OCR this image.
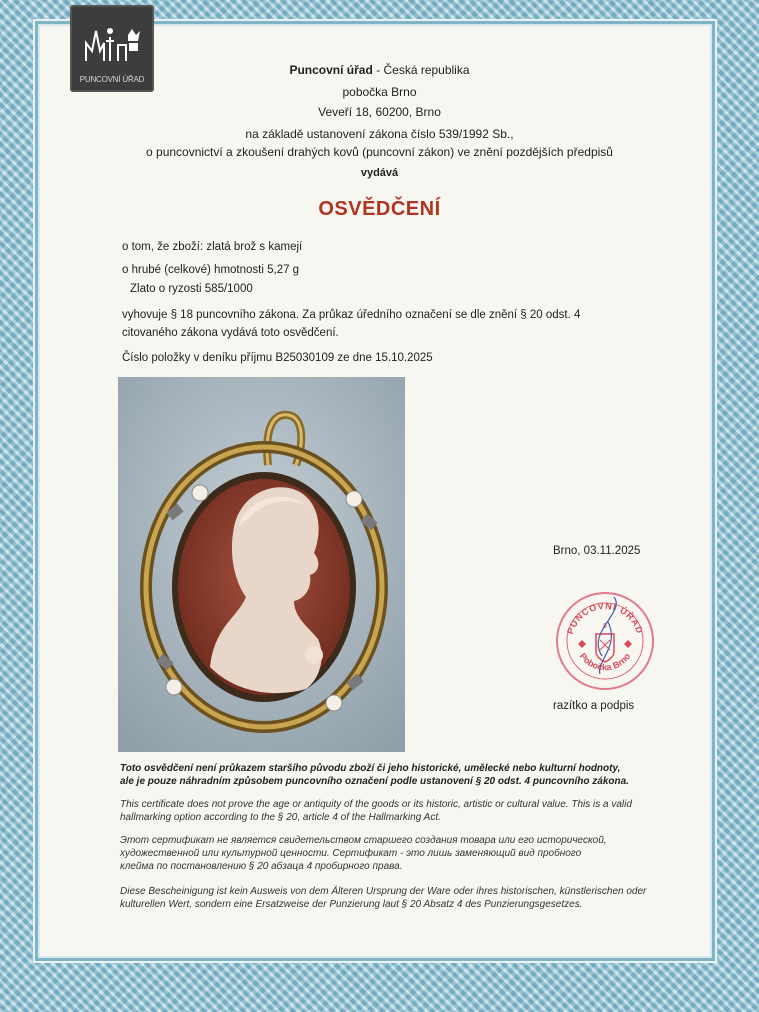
PUNCOVNÍ ÚŘAD
Puncovní úřad - Česká republika
pobočka Brno
Veveří 18, 60200, Brno
na základě ustanovení zákona číslo 539/1992 Sb.,
o puncovnictví a zkoušení drahých kovů (puncovní zákon) ve znění pozdějších předpisů
vydává
OSVĚDČENÍ
o tom, že zboží: zlatá brož s kamejí
o hrubé (celkové) hmotnosti 5,27 g
Zlato o ryzosti 585/1000
vyhovuje § 18 puncovního zákona. Za průkaz úředního označení se dle znění § 20 odst. 4
citovaného zákona vydává toto osvědčení.
Číslo položky v deníku příjmu B25030109 ze dne 15.10.2025
Brno, 03.11.2025
PUNCOVNÍ ÚŘAD
Pobočka Brno
8
razítko a podpis
Toto osvědčení není průkazem staršího původu zboží či jeho historické, umělecké nebo kulturní hodnoty,
ale je pouze náhradním způsobem puncovního označení podle ustanovení § 20 odst. 4 puncovního zákona.
This certificate does not prove the age or antiquity of the goods or its historic, artistic or cultural value. This is a valid
hallmarking option according to the § 20, article 4 of the Hallmarking Act.
Этот сертификат не является свидетельством старшего создания товара или его исторической,
художественной или культурной ценности. Сертификат - это лишь заменяющий вид пробного
клейма по постановлению § 20 абзаца 4 пробирного права.
Diese Bescheinigung ist kein Ausweis von dem Älteren Ursprung der Ware oder ihres historischen, künstlerischen oder
kulturellen Wert, sondern eine Ersatzweise der Punzierung laut § 20 Absatz 4 des Punzierungsgesetzes.
